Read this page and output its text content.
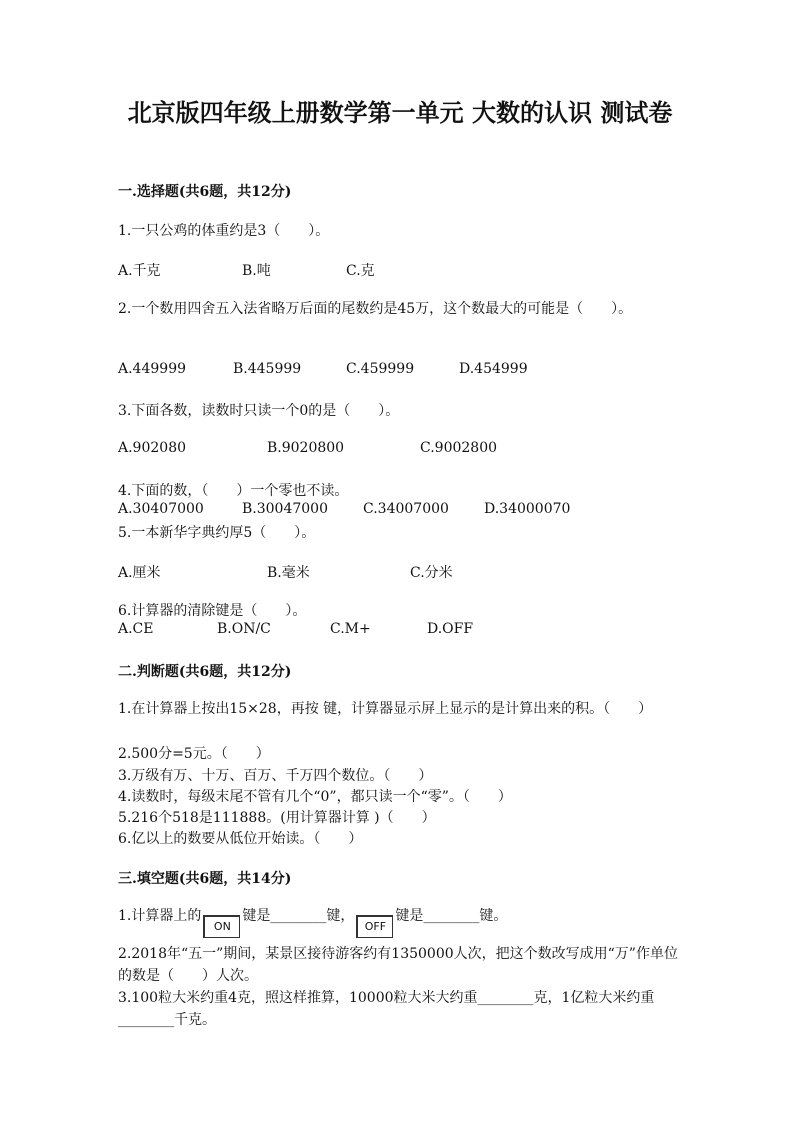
北京版四年级上册数学第一单元 大数的认识 测试卷
一.选择题(共6题，共12分)
1.一只公鸡的体重约是3（　　）。
A.千克	B.吨	C.克
2.一个数用四舍五入法省略万后面的尾数约是45万，这个数最大的可能是（　　）。
A.449999	B.445999	C.459999	D.454999
3.下面各数，读数时只读一个0的是（　　）。
A.902080	B.9020800	C.9002800
4.下面的数，（　　）一个零也不读。
A.30407000	B.30047000	C.34007000	D.34000070
5.一本新华字典约厚5（　　）。
A.厘米	B.毫米	C.分米
6.计算器的清除键是（　　）。
A.CE	B.ON/C	C.M+	D.OFF
二.判断题(共6题，共12分)
1.在计算器上按出15×28，再按 键，计算器显示屏上显示的是计算出来的积。（　　）
2.500分=5元。（　　）
3.万级有万、十万、百万、千万四个数位。（　　）
4.读数时，每级末尾不管有几个“0”，都只读一个“零”。（　　）
5.216个518是111888。(用计算器计算 )（　　）
6.亿以上的数要从低位开始读。（　　）
三.填空题(共6题，共14分)
1.计算器上的ON键是________键，OFF键是________键。
2.2018年“五一”期间，某景区接待游客约有1350000人次，把这个数改写成用“万”作单位的数是（　　）人次。
3.100粒大米约重4克，照这样推算，10000粒大米大约重________克，1亿粒大米约重________千克。
